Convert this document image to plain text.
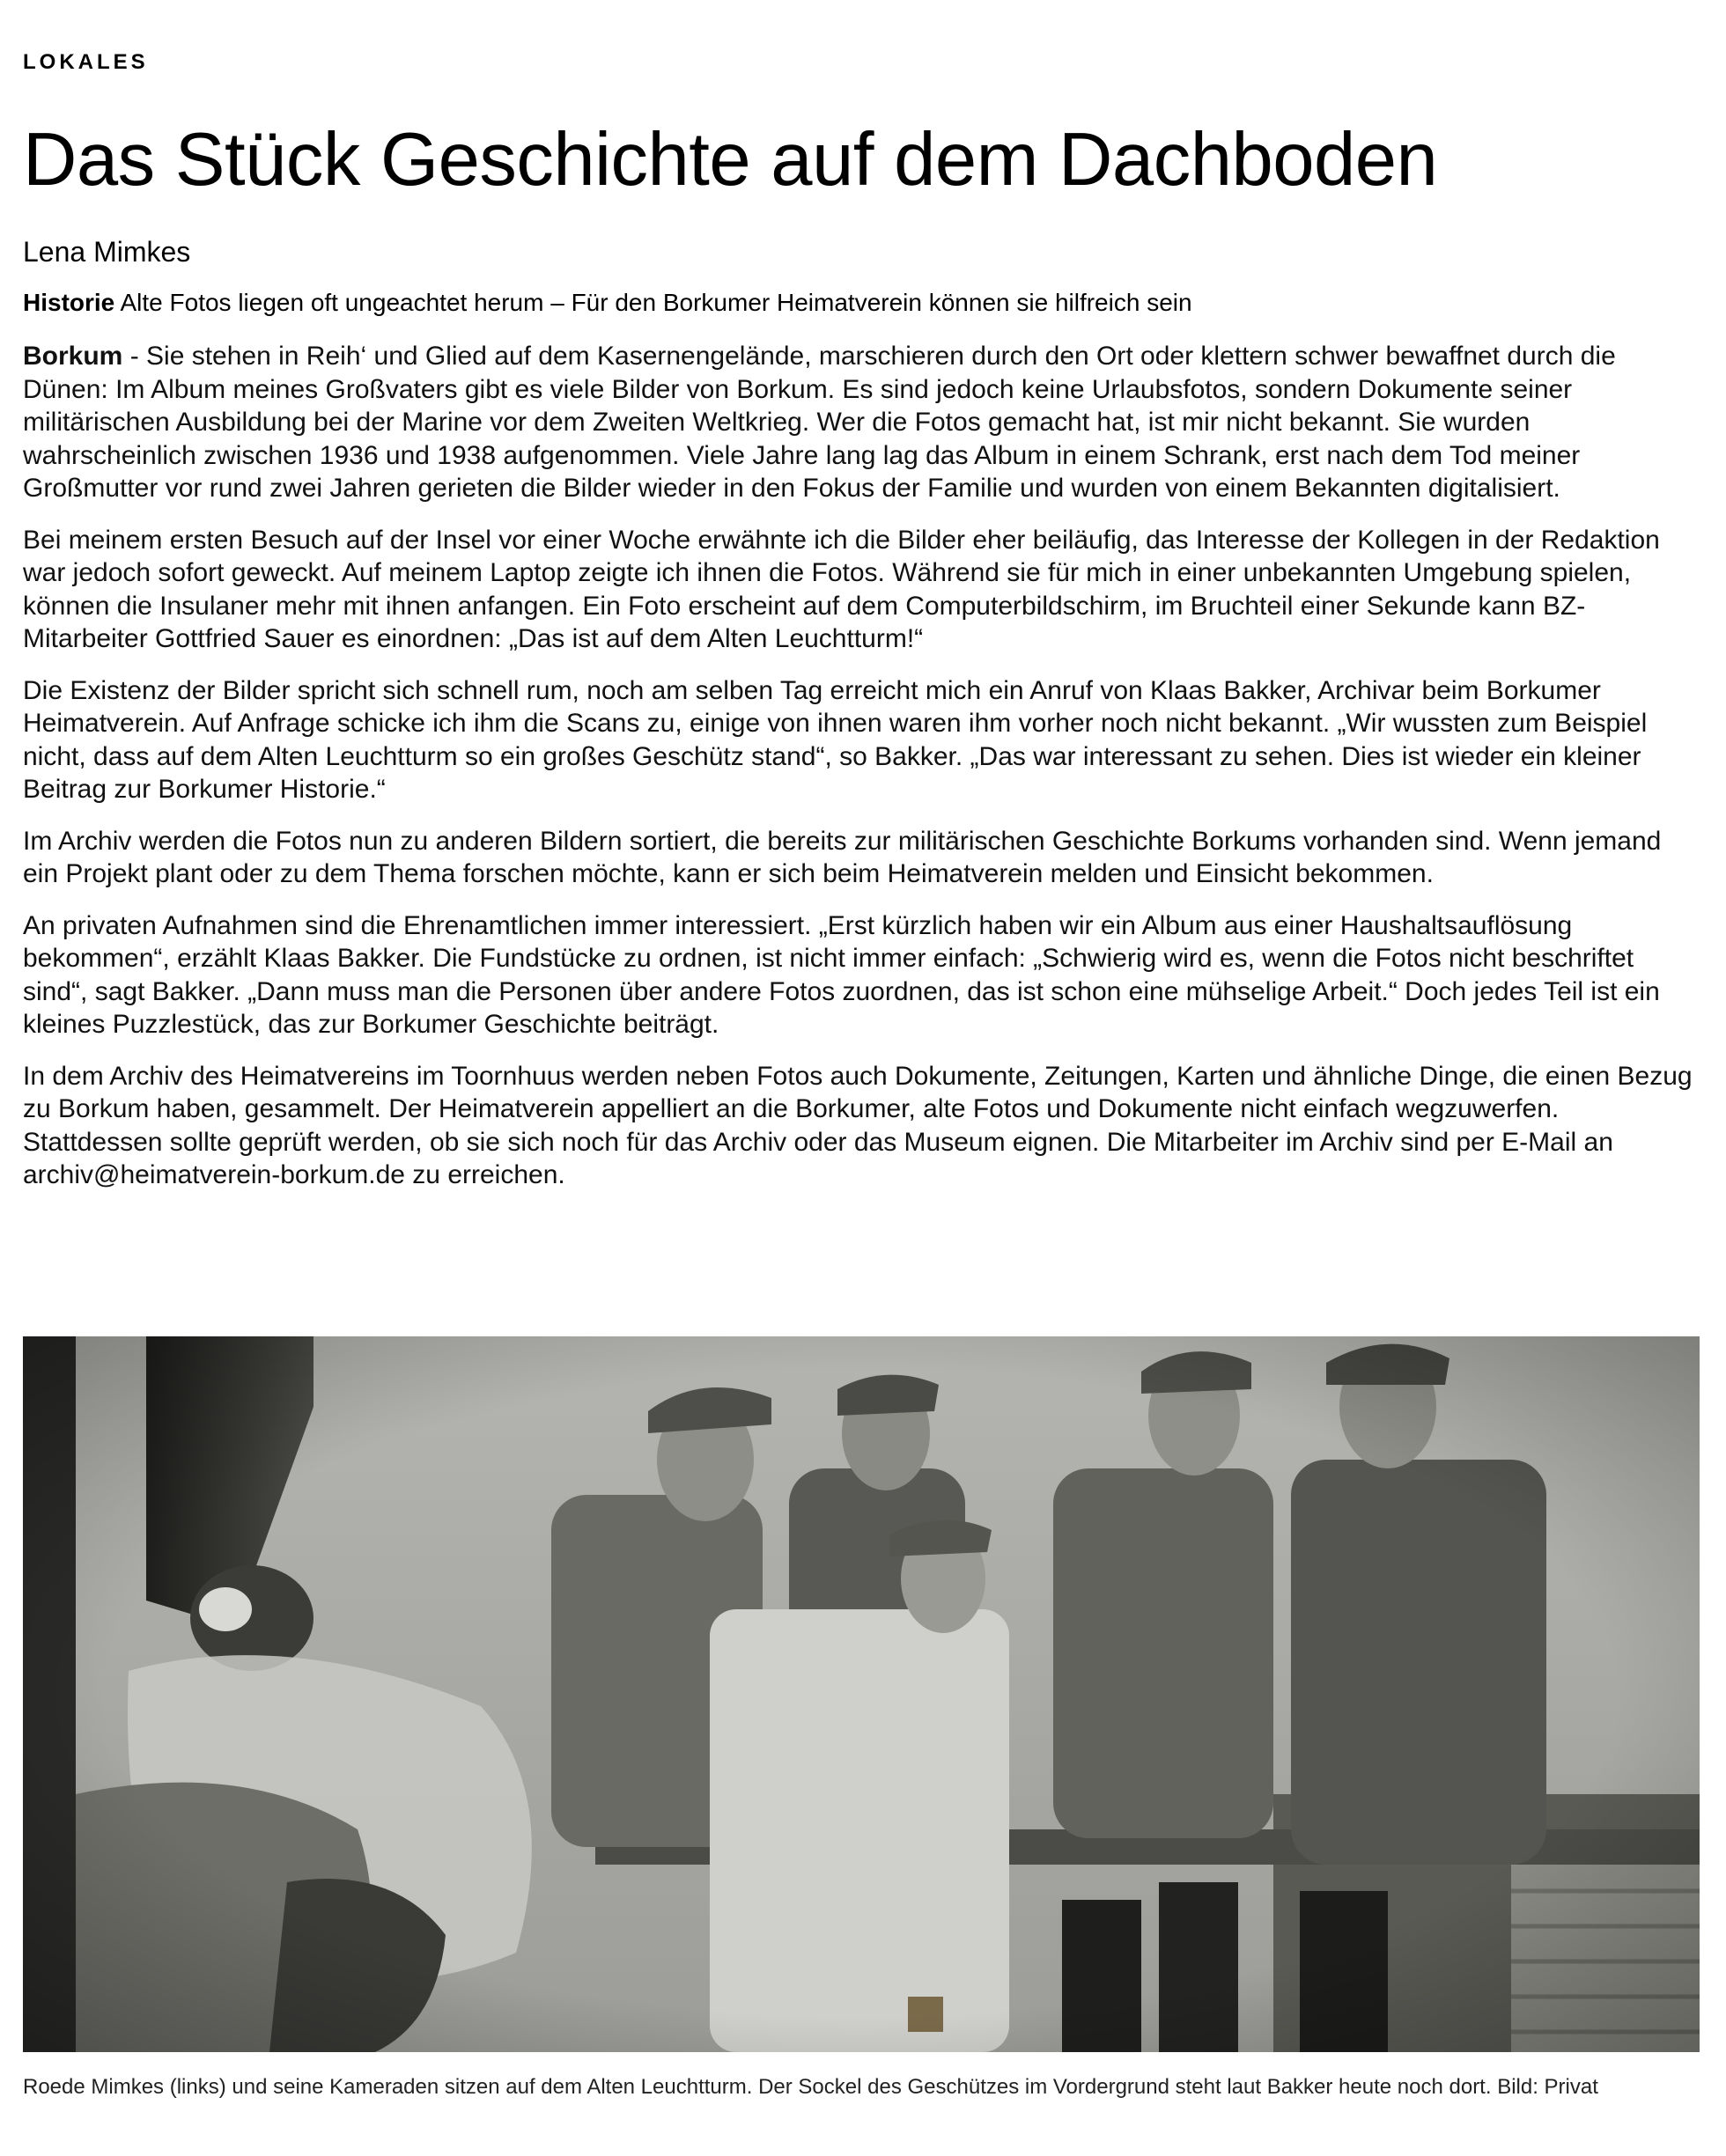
LOKALES

Das Stück Geschichte auf dem Dachboden

Lena Mimkes

Historie Alte Fotos liegen oft ungeachtet herum – Für den Borkumer Heimatverein können sie hilfreich sein

Borkum - Sie stehen in Reih‘ und Glied auf dem Kasernengelände, marschieren durch den Ort oder klettern schwer bewaffnet durch die Dünen: Im Album meines Großvaters gibt es viele Bilder von Borkum. Es sind jedoch keine Urlaubsfotos, sondern Dokumente seiner militärischen Ausbildung bei der Marine vor dem Zweiten Weltkrieg. Wer die Fotos gemacht hat, ist mir nicht bekannt. Sie wurden wahrscheinlich zwischen 1936 und 1938 aufgenommen. Viele Jahre lang lag das Album in einem Schrank, erst nach dem Tod meiner Großmutter vor rund zwei Jahren gerieten die Bilder wieder in den Fokus der Familie und wurden von einem Bekannten digitalisiert.

Bei meinem ersten Besuch auf der Insel vor einer Woche erwähnte ich die Bilder eher beiläufig, das Interesse der Kollegen in der Redaktion war jedoch sofort geweckt. Auf meinem Laptop zeigte ich ihnen die Fotos. Während sie für mich in einer unbekannten Umgebung spielen, können die Insulaner mehr mit ihnen anfangen. Ein Foto erscheint auf dem Computerbildschirm, im Bruchteil einer Sekunde kann BZ-Mitarbeiter Gottfried Sauer es einordnen: „Das ist auf dem Alten Leuchtturm!“

Die Existenz der Bilder spricht sich schnell rum, noch am selben Tag erreicht mich ein Anruf von Klaas Bakker, Archivar beim Borkumer Heimatverein. Auf Anfrage schicke ich ihm die Scans zu, einige von ihnen waren ihm vorher noch nicht bekannt. „Wir wussten zum Beispiel nicht, dass auf dem Alten Leuchtturm so ein großes Geschütz stand“, so Bakker. „Das war interessant zu sehen. Dies ist wieder ein kleiner Beitrag zur Borkumer Historie.“

Im Archiv werden die Fotos nun zu anderen Bildern sortiert, die bereits zur militärischen Geschichte Borkums vorhanden sind. Wenn jemand ein Projekt plant oder zu dem Thema forschen möchte, kann er sich beim Heimatverein melden und Einsicht bekommen.

An privaten Aufnahmen sind die Ehrenamtlichen immer interessiert. „Erst kürzlich haben wir ein Album aus einer Haushaltsauflösung bekommen“, erzählt Klaas Bakker. Die Fundstücke zu ordnen, ist nicht immer einfach: „Schwierig wird es, wenn die Fotos nicht beschriftet sind“, sagt Bakker. „Dann muss man die Personen über andere Fotos zuordnen, das ist schon eine mühselige Arbeit.“ Doch jedes Teil ist ein kleines Puzzlestück, das zur Borkumer Geschichte beiträgt.

In dem Archiv des Heimatvereins im Toornhuus werden neben Fotos auch Dokumente, Zeitungen, Karten und ähnliche Dinge, die einen Bezug zu Borkum haben, gesammelt. Der Heimatverein appelliert an die Borkumer, alte Fotos und Dokumente nicht einfach wegzuwerfen. Stattdessen sollte geprüft werden, ob sie sich noch für das Archiv oder das Museum eignen. Die Mitarbeiter im Archiv sind per E-Mail an archiv@heimatverein-borkum.de zu erreichen.

Roede Mimkes (links) und seine Kameraden sitzen auf dem Alten Leuchtturm. Der Sockel des Geschützes im Vordergrund steht laut Bakker heute noch dort. Bild: Privat
